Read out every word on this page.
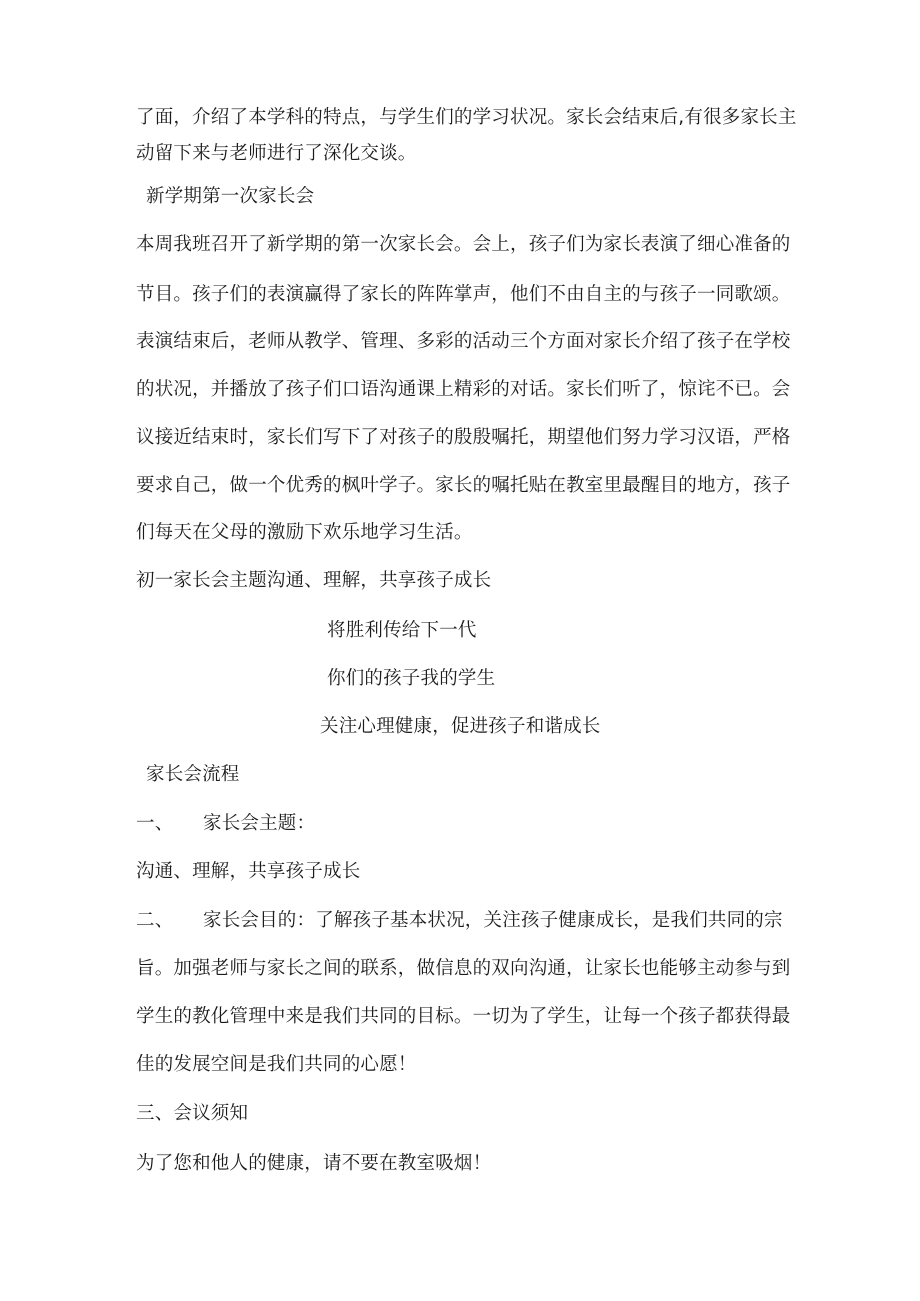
了面，介绍了本学科的特点，与学生们的学习状况。家长会结束后,有很多家长主
动留下来与老师进行了深化交谈。
新学期第一次家长会
本周我班召开了新学期的第一次家长会。会上，孩子们为家长表演了细心准备的
节目。孩子们的表演赢得了家长的阵阵掌声，他们不由自主的与孩子一同歌颂。
表演结束后，老师从教学、管理、多彩的活动三个方面对家长介绍了孩子在学校
的状况，并播放了孩子们口语沟通课上精彩的对话。家长们听了，惊诧不已。会
议接近结束时，家长们写下了对孩子的殷殷嘱托，期望他们努力学习汉语，严格
要求自己，做一个优秀的枫叶学子。家长的嘱托贴在教室里最醒目的地方，孩子
们每天在父母的激励下欢乐地学习生活。
初一家长会主题沟通、理解，共享孩子成长
将胜利传给下一代
你们的孩子我的学生
关注心理健康，促进孩子和谐成长
家长会流程
一、 家长会主题：
沟通、理解，共享孩子成长
二、 家长会目的：了解孩子基本状况，关注孩子健康成长，是我们共同的宗
旨。加强老师与家长之间的联系，做信息的双向沟通，让家长也能够主动参与到
学生的教化管理中来是我们共同的目标。一切为了学生，让每一个孩子都获得最
佳的发展空间是我们共同的心愿！
三、会议须知
为了您和他人的健康，请不要在教室吸烟！
